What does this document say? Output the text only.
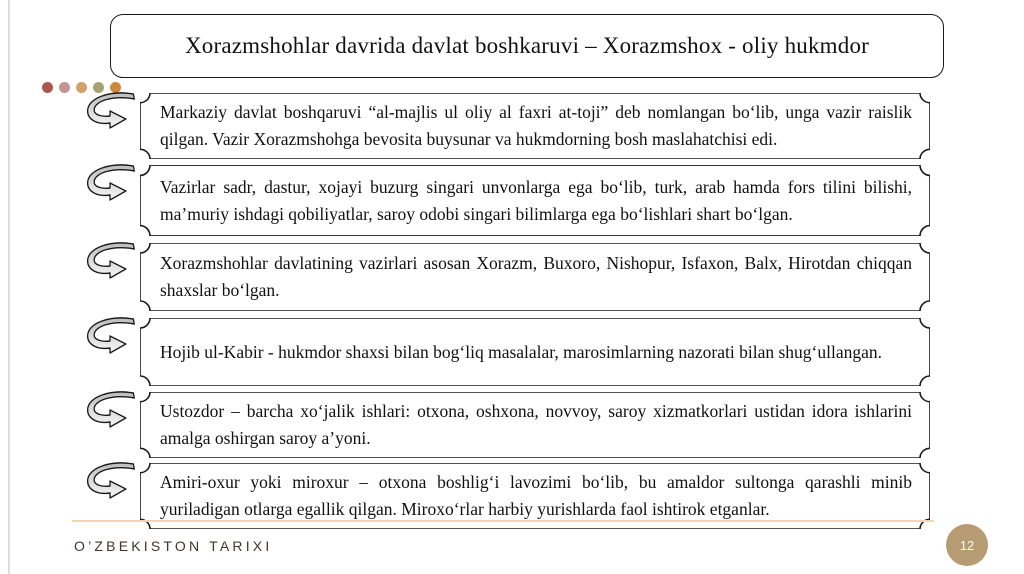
Xorazmshohlar davrida davlat boshkaruvi – Xorazmshox - oliy hukmdor
Markaziy davlat boshqaruvi “al-majlis ul oliy al faxri at-toji” deb nomlangan bo‘lib, unga vazir raislik qilgan. Vazir Xorazmshohga bevosita buysunar va hukmdorning bosh maslahatchisi edi.
Vazirlar sadr, dastur, xojayi buzurg singari unvonlarga ega bo‘lib, turk, arab hamda fors tilini bilishi, ma’muriy ishdagi qobiliyatlar, saroy odobi singari bilimlarga ega bo‘lishlari shart bo‘lgan.
Xorazmshohlar davlatining vazirlari asosan Xorazm, Buxoro, Nishopur, Isfaxon, Balx, Hirotdan chiqqan shaxslar bo‘lgan.
Hojib ul-Kabir - hukmdor shaxsi bilan bog‘liq masalalar, marosimlarning nazorati bilan shug‘ullangan.
Ustozdor – barcha xo‘jalik ishlari: otxona, oshxona, novvoy, saroy xizmatkorlari ustidan idora ishlarini amalga oshirgan saroy a’yoni.
Amiri-oxur yoki miroxur – otxona boshlig‘i lavozimi bo‘lib, bu amaldor sultonga qarashli minib yuriladigan otlarga egallik qilgan. Miroxo‘rlar harbiy yurishlarda faol ishtirok etganlar.
O’ZBEKISTON TARIXI	12
